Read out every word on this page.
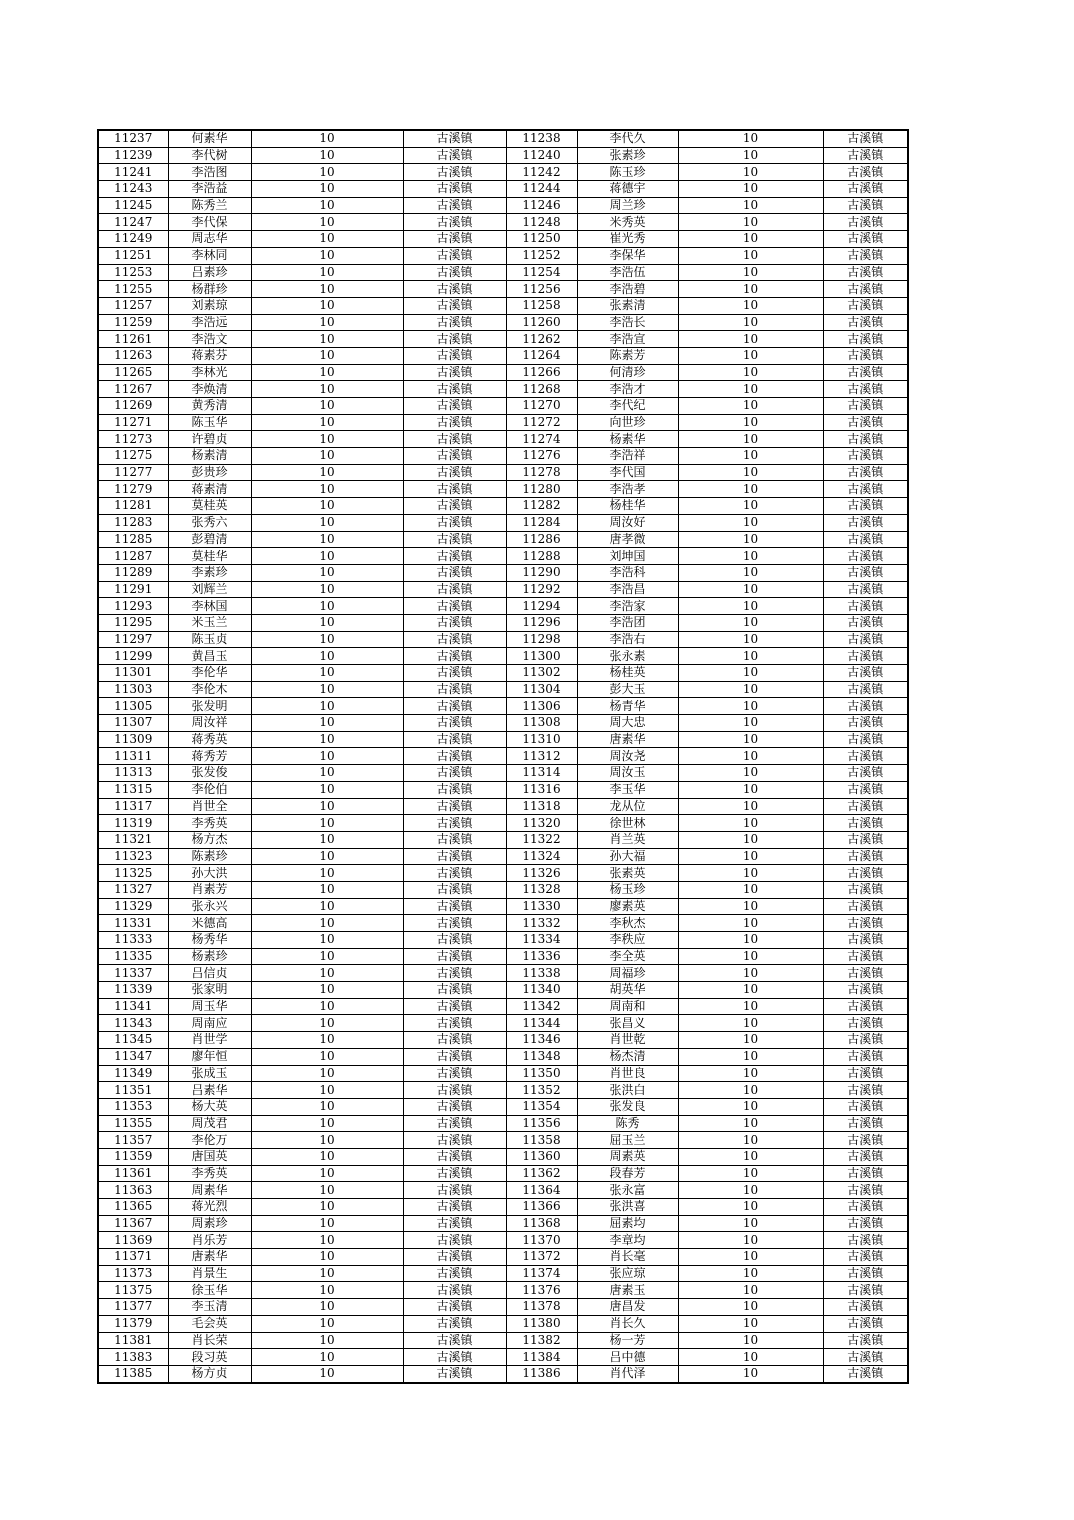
11237	何素华	10	古溪镇	11238	李代久	10	古溪镇
11239	李代树	10	古溪镇	11240	张素珍	10	古溪镇
11241	李浩图	10	古溪镇	11242	陈玉珍	10	古溪镇
11243	李浩益	10	古溪镇	11244	蒋德宇	10	古溪镇
11245	陈秀兰	10	古溪镇	11246	周兰珍	10	古溪镇
11247	李代保	10	古溪镇	11248	米秀英	10	古溪镇
11249	周志华	10	古溪镇	11250	崔光秀	10	古溪镇
11251	李林同	10	古溪镇	11252	李保华	10	古溪镇
11253	吕素珍	10	古溪镇	11254	李浩伍	10	古溪镇
11255	杨群珍	10	古溪镇	11256	李浩碧	10	古溪镇
11257	刘素琼	10	古溪镇	11258	张素清	10	古溪镇
11259	李浩远	10	古溪镇	11260	李浩长	10	古溪镇
11261	李浩文	10	古溪镇	11262	李浩宣	10	古溪镇
11263	蒋素芬	10	古溪镇	11264	陈素芳	10	古溪镇
11265	李林光	10	古溪镇	11266	何清珍	10	古溪镇
11267	李焕清	10	古溪镇	11268	李浩才	10	古溪镇
11269	黄秀清	10	古溪镇	11270	李代纪	10	古溪镇
11271	陈玉华	10	古溪镇	11272	向世珍	10	古溪镇
11273	许碧贞	10	古溪镇	11274	杨素华	10	古溪镇
11275	杨素清	10	古溪镇	11276	李浩祥	10	古溪镇
11277	彭贵珍	10	古溪镇	11278	李代国	10	古溪镇
11279	蒋素清	10	古溪镇	11280	李浩孝	10	古溪镇
11281	莫桂英	10	古溪镇	11282	杨桂华	10	古溪镇
11283	张秀六	10	古溪镇	11284	周汝好	10	古溪镇
11285	彭碧清	10	古溪镇	11286	唐孝微	10	古溪镇
11287	莫桂华	10	古溪镇	11288	刘坤国	10	古溪镇
11289	李素珍	10	古溪镇	11290	李浩科	10	古溪镇
11291	刘辉兰	10	古溪镇	11292	李浩昌	10	古溪镇
11293	李林国	10	古溪镇	11294	李浩家	10	古溪镇
11295	米玉兰	10	古溪镇	11296	李浩团	10	古溪镇
11297	陈玉贞	10	古溪镇	11298	李浩右	10	古溪镇
11299	黄昌玉	10	古溪镇	11300	张永素	10	古溪镇
11301	李伦华	10	古溪镇	11302	杨桂英	10	古溪镇
11303	李伦木	10	古溪镇	11304	彭大玉	10	古溪镇
11305	张发明	10	古溪镇	11306	杨青华	10	古溪镇
11307	周汝祥	10	古溪镇	11308	周大忠	10	古溪镇
11309	蒋秀英	10	古溪镇	11310	唐素华	10	古溪镇
11311	蒋秀芳	10	古溪镇	11312	周汝尧	10	古溪镇
11313	张发俊	10	古溪镇	11314	周汝玉	10	古溪镇
11315	李伦伯	10	古溪镇	11316	李玉华	10	古溪镇
11317	肖世全	10	古溪镇	11318	龙从位	10	古溪镇
11319	李秀英	10	古溪镇	11320	徐世林	10	古溪镇
11321	杨方杰	10	古溪镇	11322	肖兰英	10	古溪镇
11323	陈素珍	10	古溪镇	11324	孙大福	10	古溪镇
11325	孙大洪	10	古溪镇	11326	张素英	10	古溪镇
11327	肖素芳	10	古溪镇	11328	杨玉珍	10	古溪镇
11329	张永兴	10	古溪镇	11330	廖素英	10	古溪镇
11331	米德高	10	古溪镇	11332	李秋杰	10	古溪镇
11333	杨秀华	10	古溪镇	11334	李秩应	10	古溪镇
11335	杨素珍	10	古溪镇	11336	李全英	10	古溪镇
11337	吕信贞	10	古溪镇	11338	周福珍	10	古溪镇
11339	张家明	10	古溪镇	11340	胡英华	10	古溪镇
11341	周玉华	10	古溪镇	11342	周南和	10	古溪镇
11343	周南应	10	古溪镇	11344	张昌义	10	古溪镇
11345	肖世学	10	古溪镇	11346	肖世乾	10	古溪镇
11347	廖年恒	10	古溪镇	11348	杨杰清	10	古溪镇
11349	张成玉	10	古溪镇	11350	肖世良	10	古溪镇
11351	吕素华	10	古溪镇	11352	张洪白	10	古溪镇
11353	杨大英	10	古溪镇	11354	张发良	10	古溪镇
11355	周茂君	10	古溪镇	11356	陈秀	10	古溪镇
11357	李伦万	10	古溪镇	11358	屈玉兰	10	古溪镇
11359	唐国英	10	古溪镇	11360	周素英	10	古溪镇
11361	李秀英	10	古溪镇	11362	段春芳	10	古溪镇
11363	周素华	10	古溪镇	11364	张永富	10	古溪镇
11365	蒋光烈	10	古溪镇	11366	张洪喜	10	古溪镇
11367	周素珍	10	古溪镇	11368	屈素均	10	古溪镇
11369	肖乐芳	10	古溪镇	11370	李章均	10	古溪镇
11371	唐素华	10	古溪镇	11372	肖长毫	10	古溪镇
11373	肖景生	10	古溪镇	11374	张应琼	10	古溪镇
11375	徐玉华	10	古溪镇	11376	唐素玉	10	古溪镇
11377	李玉清	10	古溪镇	11378	唐昌发	10	古溪镇
11379	毛会英	10	古溪镇	11380	肖长久	10	古溪镇
11381	肖长荣	10	古溪镇	11382	杨一芳	10	古溪镇
11383	段习英	10	古溪镇	11384	吕中德	10	古溪镇
11385	杨方贞	10	古溪镇	11386	肖代泽	10	古溪镇
